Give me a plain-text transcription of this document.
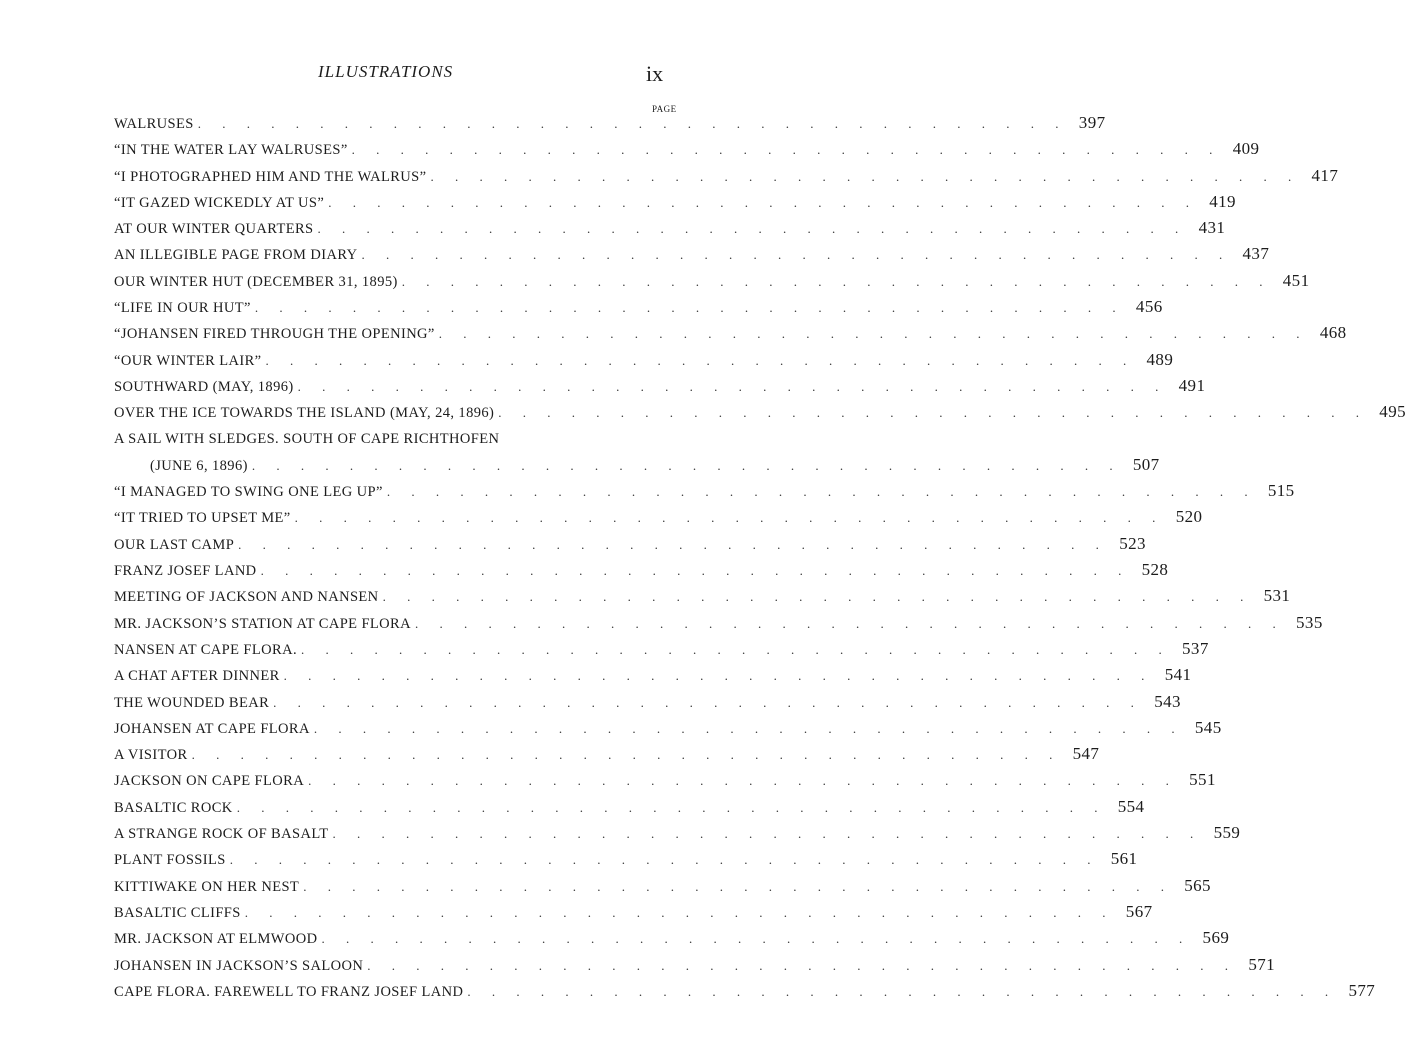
ILLUSTRATIONS	ix
PAGE
WALRUSES . . . . . . . . . . . . . . . . . . . . . . . . . . . . . . . . . . . . 397
“IN THE WATER LAY WALRUSES” . . . . . . . . . . . . . . . . . . . . . . . . . . . . . . . . . . . . 409
“I PHOTOGRAPHED HIM AND THE WALRUS” . . . . . . . . . . . . . . . . . . . . . . . . . . . . . . . . . . . . 417
“IT GAZED WICKEDLY AT US” . . . . . . . . . . . . . . . . . . . . . . . . . . . . . . . . . . . . 419
AT OUR WINTER QUARTERS . . . . . . . . . . . . . . . . . . . . . . . . . . . . . . . . . . . . 431
AN ILLEGIBLE PAGE FROM DIARY . . . . . . . . . . . . . . . . . . . . . . . . . . . . . . . . . . . . 437
OUR WINTER HUT (DECEMBER 31, 1895) . . . . . . . . . . . . . . . . . . . . . . . . . . . . . . . . . . . . 451
“LIFE IN OUR HUT” . . . . . . . . . . . . . . . . . . . . . . . . . . . . . . . . . . . . 456
“JOHANSEN FIRED THROUGH THE OPENING” . . . . . . . . . . . . . . . . . . . . . . . . . . . . . . . . . . . . 468
“OUR WINTER LAIR” . . . . . . . . . . . . . . . . . . . . . . . . . . . . . . . . . . . . 489
SOUTHWARD (MAY, 1896) . . . . . . . . . . . . . . . . . . . . . . . . . . . . . . . . . . . . 491
OVER THE ICE TOWARDS THE ISLAND (MAY, 24, 1896) . . . . . . . . . . . . . . . . . . . . . . . . . . . . . . . . . . . . 495
A SAIL WITH SLEDGES. SOUTH OF CAPE RICHTHOFEN
(JUNE 6, 1896) . . . . . . . . . . . . . . . . . . . . . . . . . . . . . . . . . . . . 507
“I MANAGED TO SWING ONE LEG UP” . . . . . . . . . . . . . . . . . . . . . . . . . . . . . . . . . . . . 515
“IT TRIED TO UPSET ME” . . . . . . . . . . . . . . . . . . . . . . . . . . . . . . . . . . . . 520
OUR LAST CAMP . . . . . . . . . . . . . . . . . . . . . . . . . . . . . . . . . . . . 523
FRANZ JOSEF LAND . . . . . . . . . . . . . . . . . . . . . . . . . . . . . . . . . . . . 528
MEETING OF JACKSON AND NANSEN . . . . . . . . . . . . . . . . . . . . . . . . . . . . . . . . . . . . 531
MR. JACKSON’S STATION AT CAPE FLORA . . . . . . . . . . . . . . . . . . . . . . . . . . . . . . . . . . . . 535
NANSEN AT CAPE FLORA. . . . . . . . . . . . . . . . . . . . . . . . . . . . . . . . . . . . . 537
A CHAT AFTER DINNER . . . . . . . . . . . . . . . . . . . . . . . . . . . . . . . . . . . . 541
THE WOUNDED BEAR . . . . . . . . . . . . . . . . . . . . . . . . . . . . . . . . . . . . 543
JOHANSEN AT CAPE FLORA . . . . . . . . . . . . . . . . . . . . . . . . . . . . . . . . . . . . 545
A VISITOR . . . . . . . . . . . . . . . . . . . . . . . . . . . . . . . . . . . . 547
JACKSON ON CAPE FLORA . . . . . . . . . . . . . . . . . . . . . . . . . . . . . . . . . . . . 551
BASALTIC ROCK . . . . . . . . . . . . . . . . . . . . . . . . . . . . . . . . . . . . 554
A STRANGE ROCK OF BASALT . . . . . . . . . . . . . . . . . . . . . . . . . . . . . . . . . . . . 559
PLANT FOSSILS . . . . . . . . . . . . . . . . . . . . . . . . . . . . . . . . . . . . 561
KITTIWAKE ON HER NEST . . . . . . . . . . . . . . . . . . . . . . . . . . . . . . . . . . . . 565
BASALTIC CLIFFS . . . . . . . . . . . . . . . . . . . . . . . . . . . . . . . . . . . . 567
MR. JACKSON AT ELMWOOD . . . . . . . . . . . . . . . . . . . . . . . . . . . . . . . . . . . . 569
JOHANSEN IN JACKSON’S SALOON . . . . . . . . . . . . . . . . . . . . . . . . . . . . . . . . . . . . 571
CAPE FLORA. FAREWELL TO FRANZ JOSEF LAND . . . . . . . . . . . . . . . . . . . . . . . . . . . . . . . . . . . . 577
